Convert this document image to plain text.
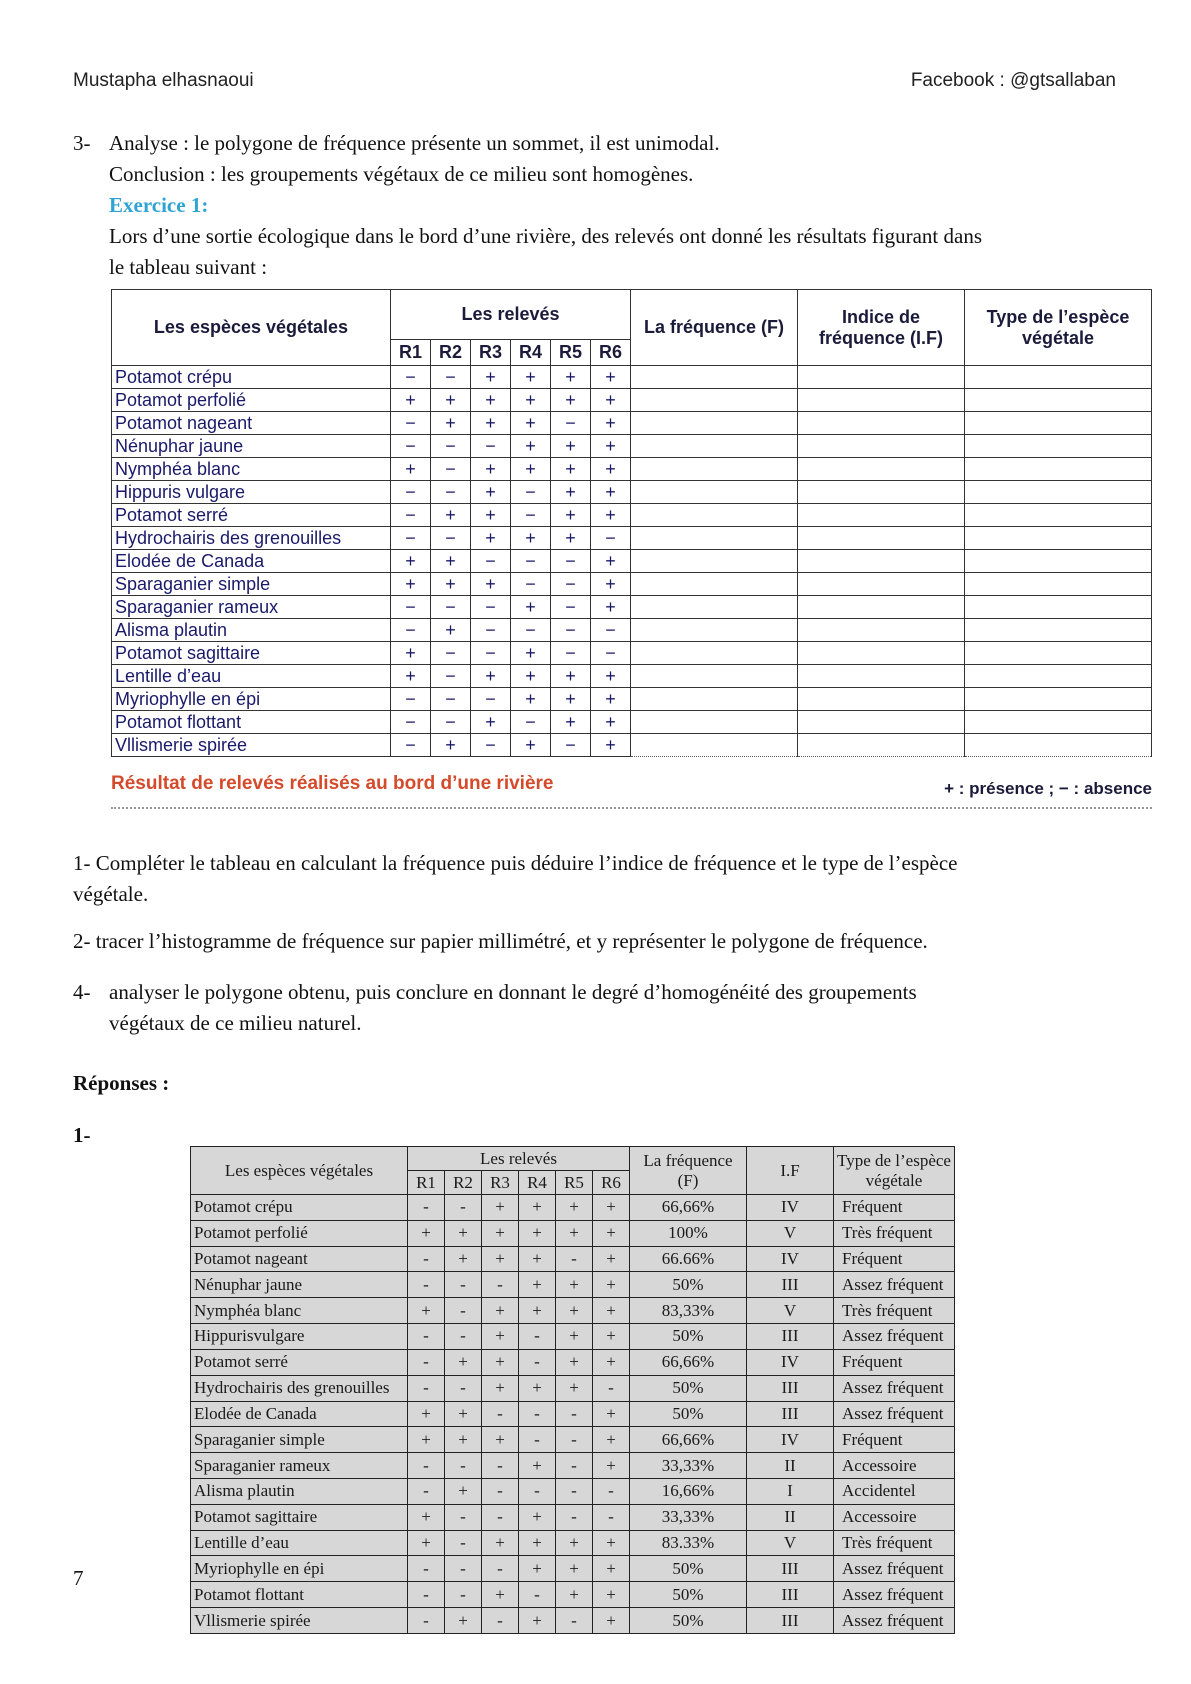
Mustapha elhasnaoui	Facebook : @gtsallaban
3- Analyse : le polygone de fréquence présente un sommet, il est unimodal.
Conclusion : les groupements végétaux de ce milieu sont homogènes.
Exercice 1:
Lors d’une sortie écologique dans le bord d’une rivière, des relevés ont donné les résultats figurant dans
le tableau suivant :
Les espèces végétales	Les relevés						La fréquence (F)	Indice de fréquence (I.F)	Type de l’espèce végétale
	R1	R2	R3	R4	R5	R6			
Potamot crépu	−	−	+	+	+	+			
Potamot perfolié	+	+	+	+	+	+			
Potamot nageant	−	+	+	+	−	+			
Nénuphar jaune	−	−	−	+	+	+			
Nymphéa blanc	+	−	+	+	+	+			
Hippuris vulgare	−	−	+	−	+	+			
Potamot serré	−	+	+	−	+	+			
Hydrochairis des grenouilles	−	−	+	+	+	−			
Elodée de Canada	+	+	−	−	−	+			
Sparaganier simple	+	+	+	−	−	+			
Sparaganier rameux	−	−	−	+	−	+			
Alisma plautin	−	+	−	−	−	−			
Potamot sagittaire	+	−	−	+	−	−			
Lentille d’eau	+	−	+	+	+	+			
Myriophylle en épi	−	−	−	+	+	+			
Potamot flottant	−	−	+	−	+	+			
Vllismerie spirée	−	+	−	+	−	+			
Résultat de relevés réalisés au bord d’une rivière	+ : présence ; − : absence
1- Compléter le tableau en calculant la fréquence puis déduire l’indice de fréquence et le type de l’espèce
végétale.
2- tracer l’histogramme de fréquence sur papier millimétré, et y représenter le polygone de fréquence.
4- analyser le polygone obtenu, puis conclure en donnant le degré d’homogénéité des groupements
végétaux de ce milieu naturel.
Réponses :
1-
Les espèces végétales	Les relevés						La fréquence (F)	I.F	Type de l’espèce végétale
	R1	R2	R3	R4	R5	R6			
Potamot crépu	-	-	+	+	+	+	66,66%	IV	Fréquent
Potamot perfolié	+	+	+	+	+	+	100%	V	Très fréquent
Potamot nageant	-	+	+	+	-	+	66.66%	IV	Fréquent
Nénuphar jaune	-	-	-	+	+	+	50%	III	Assez fréquent
Nymphéa blanc	+	-	+	+	+	+	83,33%	V	Très fréquent
Hippurisvulgare	-	-	+	-	+	+	50%	III	Assez fréquent
Potamot serré	-	+	+	-	+	+	66,66%	IV	Fréquent
Hydrochairis des grenouilles	-	-	+	+	+	-	50%	III	Assez fréquent
Elodée de Canada	+	+	-	-	-	+	50%	III	Assez fréquent
Sparaganier simple	+	+	+	-	-	+	66,66%	IV	Fréquent
Sparaganier rameux	-	-	-	+	-	+	33,33%	II	Accessoire
Alisma plautin	-	+	-	-	-	-	16,66%	I	Accidentel
Potamot sagittaire	+	-	-	+	-	-	33,33%	II	Accessoire
Lentille d’eau	+	-	+	+	+	+	83.33%	V	Très fréquent
Myriophylle en épi	-	-	-	+	+	+	50%	III	Assez fréquent
Potamot flottant	-	-	+	-	+	+	50%	III	Assez fréquent
Vllismerie spirée	-	+	-	+	-	+	50%	III	Assez fréquent
7
